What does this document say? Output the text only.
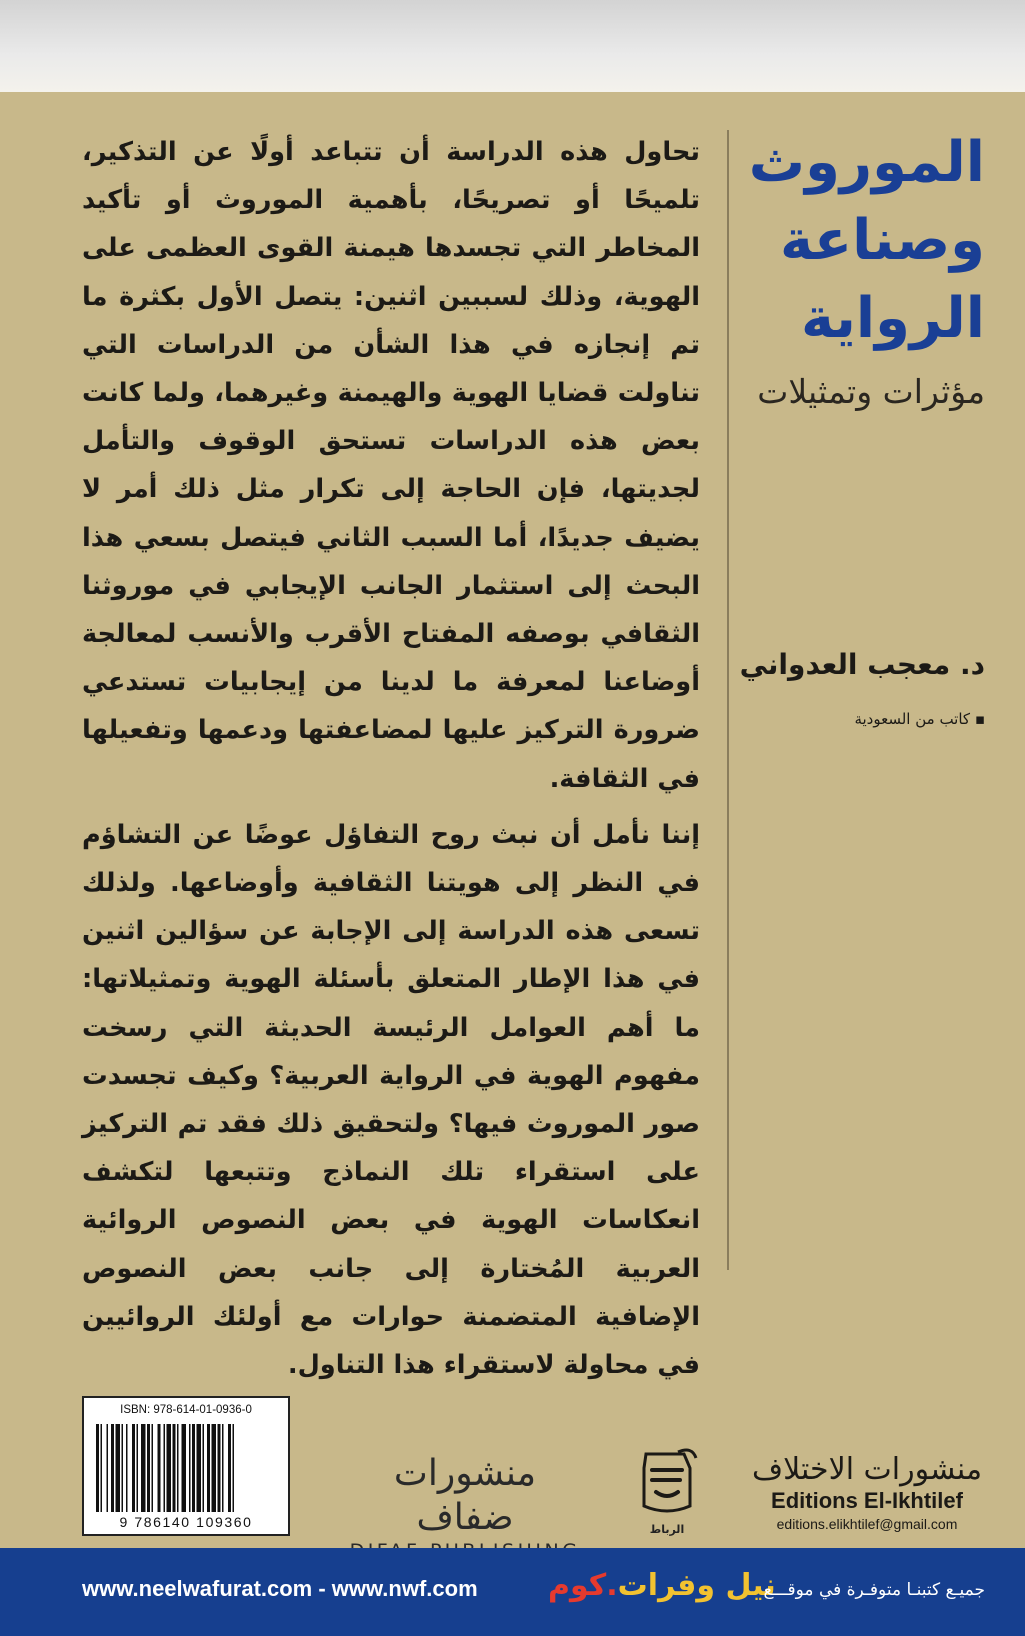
تحاول هذه الدراسة أن تتباعد أولًا عن التذكير، تلميحًا أو تصريحًا، بأهمية الموروث أو تأكيد المخاطر التي تجسدها هيمنة القوى العظمى على الهوية، وذلك لسببين اثنين: يتصل الأول بكثرة ما تم إنجازه في هذا الشأن من الدراسات التي تناولت قضايا الهوية والهيمنة وغيرهما، ولما كانت بعض هذه الدراسات تستحق الوقوف والتأمل لجديتها، فإن الحاجة إلى تكرار مثل ذلك أمر لا يضيف جديدًا، أما السبب الثاني فيتصل بسعي هذا البحث إلى استثمار الجانب الإيجابي في موروثنا الثقافي بوصفه المفتاح الأقرب والأنسب لمعالجة أوضاعنا لمعرفة ما لدينا من إيجابيات تستدعي ضرورة التركيز عليها لمضاعفتها ودعمها وتفعيلها في الثقافة.

إننا نأمل أن نبث روح التفاؤل عوضًا عن التشاؤم في النظر إلى هويتنا الثقافية وأوضاعها. ولذلك تسعى هذه الدراسة إلى الإجابة عن سؤالين اثنين في هذا الإطار المتعلق بأسئلة الهوية وتمثيلاتها: ما أهم العوامل الرئيسة الحديثة التي رسخت مفهوم الهوية في الرواية العربية؟ وكيف تجسدت صور الموروث فيها؟ ولتحقيق ذلك فقد تم التركيز على استقراء تلك النماذج وتتبعها لتكشف انعكاسات الهوية في بعض النصوص الروائية العربية المُختارة إلى جانب بعض النصوص الإضافية المتضمنة حوارات مع أولئك الروائيين في محاولة لاستقراء هذا التناول.

الموروث
وصناعة
الرواية
مؤثرات وتمثيلات
د. معجب العدواني
▪ كاتب من السعودية
ISBN: 978-614-01-0936-0
9 786140 109360
منشورات ضفاف	الرباط
منشورات الاختلاف
Editions El-Ikhtilef
editions.elikhtilef@gmail.com
www.neelwafurat.com - www.nwf.com	نيل وفرات.كوم	جميـع كتبنـا متوفـرة في موقـــع
